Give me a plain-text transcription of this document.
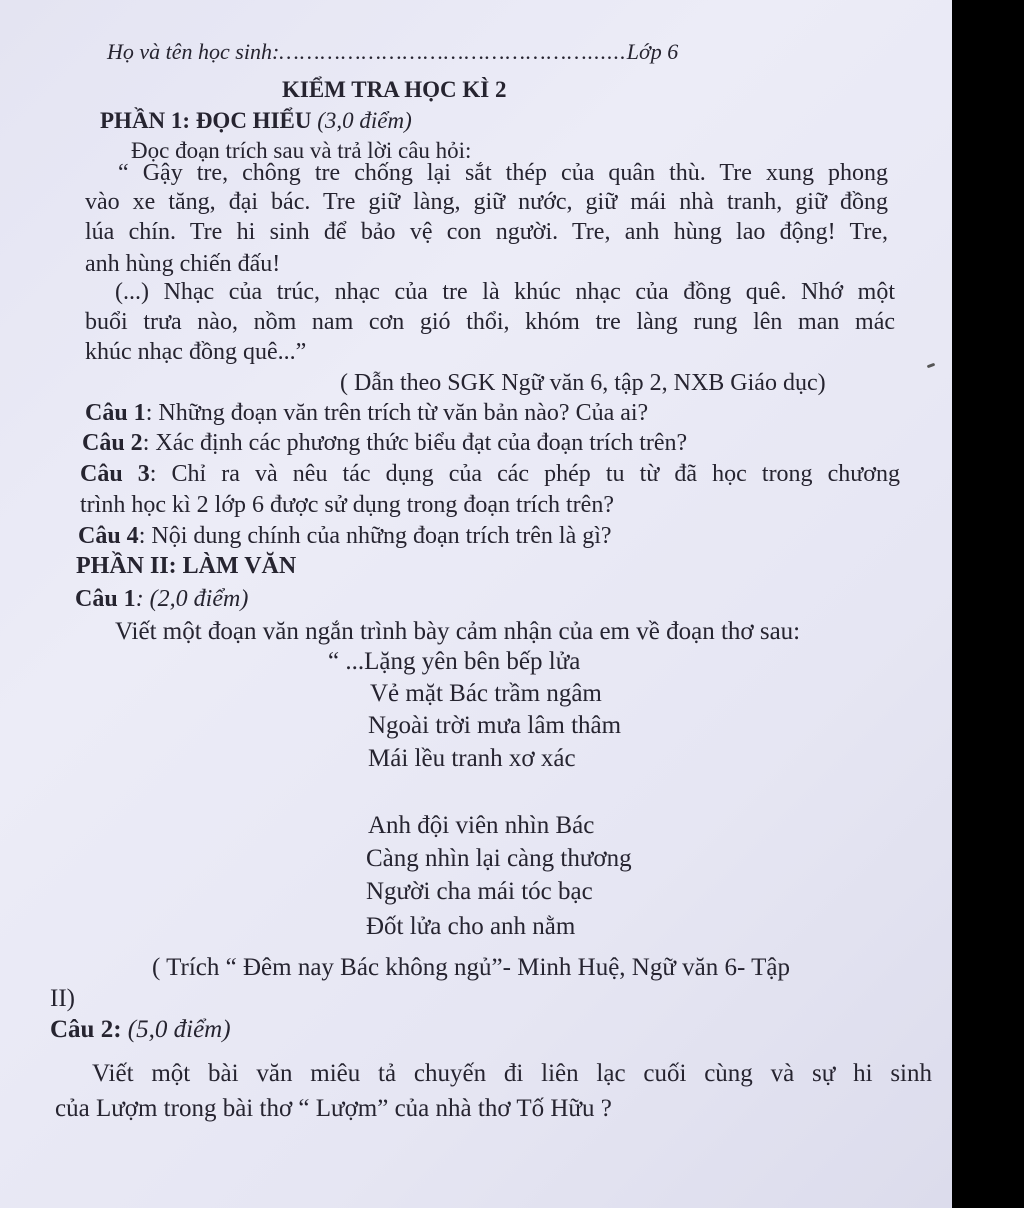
Họ và tên học sinh:………………………………………......Lớp 6
KIỂM TRA HỌC KÌ 2
PHẦN 1: ĐỌC HIỂU (3,0 điểm)
Đọc đoạn trích sau và trả lời câu hỏi:
“ Gậy tre, chông tre chống lại sắt thép của quân thù. Tre xung phong
vào xe tăng, đại bác. Tre giữ làng, giữ nước, giữ mái nhà tranh, giữ đồng
lúa chín. Tre hi sinh để bảo vệ con người. Tre, anh hùng lao động! Tre,
anh hùng chiến đấu!
(...) Nhạc của trúc, nhạc của tre là khúc nhạc của đồng quê. Nhớ một
buổi trưa nào, nồm nam cơn gió thổi, khóm tre làng rung lên man mác
khúc nhạc đồng quê...”
( Dẫn theo SGK Ngữ văn 6, tập 2, NXB Giáo dục)
Câu 1: Những đoạn văn trên trích từ văn bản nào? Của ai?
Câu 2: Xác định các phương thức biểu đạt của đoạn trích trên?
Câu 3: Chỉ ra và nêu tác dụng của các phép tu từ đã học trong chương
trình học kì 2 lớp 6 được sử dụng trong đoạn trích trên?
Câu 4: Nội dung chính của những đoạn trích trên là gì?
PHẦN II: LÀM VĂN
Câu 1: (2,0 điểm)
Viết một đoạn văn ngắn trình bày cảm nhận của em về đoạn thơ sau:
“ ...Lặng yên bên bếp lửa
Vẻ mặt Bác trầm ngâm
Ngoài trời mưa lâm thâm
Mái lều tranh xơ xác
Anh đội viên nhìn Bác
Càng nhìn lại càng thương
Người cha mái tóc bạc
Đốt lửa cho anh nằm
( Trích “ Đêm nay Bác không ngủ”- Minh Huệ, Ngữ văn 6- Tập
II)
Câu 2: (5,0 điểm)
Viết một bài văn miêu tả chuyến đi liên lạc cuối cùng và sự hi sinh
của Lượm trong bài thơ “ Lượm” của nhà thơ Tố Hữu ?
